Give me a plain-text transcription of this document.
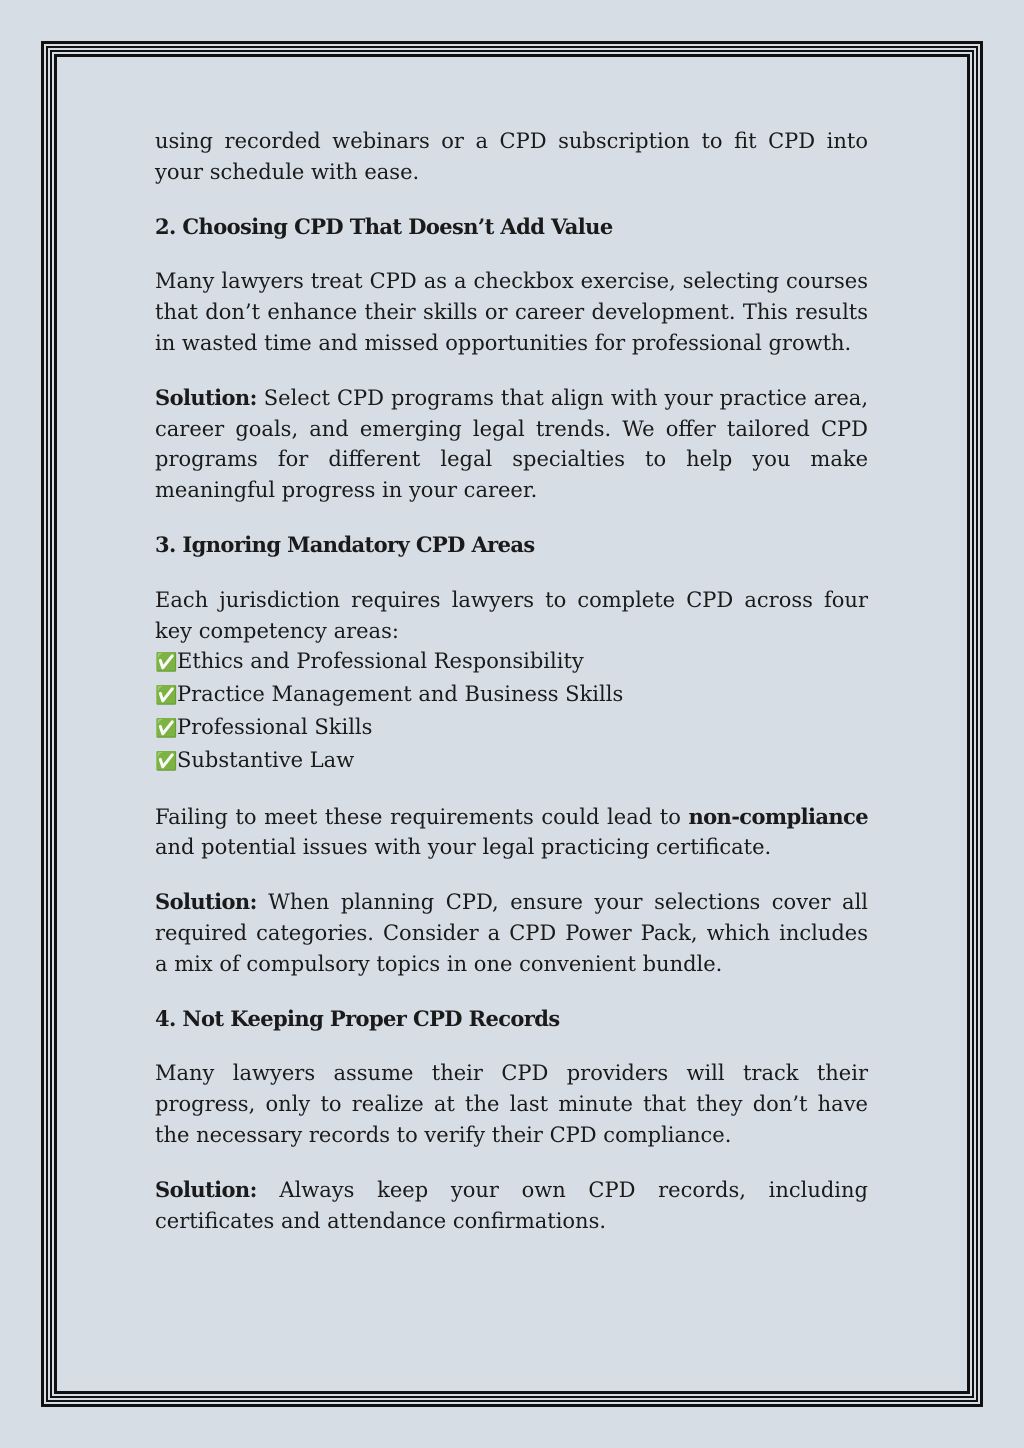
using recorded webinars or a CPD subscription to fit CPD into your schedule with ease.

2. Choosing CPD That Doesn’t Add Value

Many lawyers treat CPD as a checkbox exercise, selecting courses that don’t enhance their skills or career development. This results in wasted time and missed opportunities for professional growth.

Solution: Select CPD programs that align with your practice area, career goals, and emerging legal trends. We offer tailored CPD programs for different legal specialties to help you make meaningful progress in your career.

3. Ignoring Mandatory CPD Areas

Each jurisdiction requires lawyers to complete CPD across four key competency areas:

✅Ethics and Professional Responsibility
✅Practice Management and Business Skills
✅Professional Skills
✅Substantive Law

Failing to meet these requirements could lead to non-compliance and potential issues with your legal practicing certificate.

Solution: When planning CPD, ensure your selections cover all required categories. Consider a CPD Power Pack, which includes a mix of compulsory topics in one convenient bundle.

4. Not Keeping Proper CPD Records

Many lawyers assume their CPD providers will track their progress, only to realize at the last minute that they don’t have the necessary records to verify their CPD compliance.

Solution: Always keep your own CPD records, including certificates and attendance confirmations.
